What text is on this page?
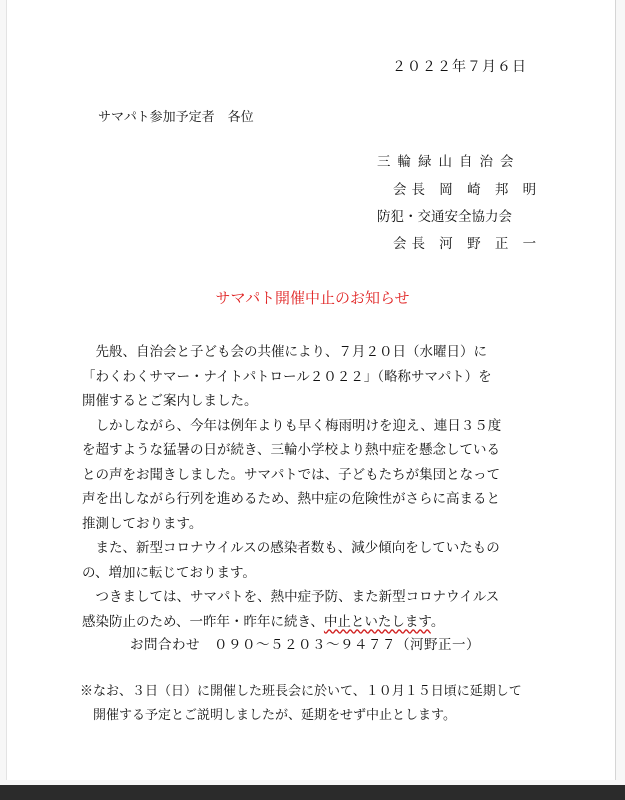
２０２２年７月６日
サマパト参加予定者　各位
三輪緑山自治会
会長 岡 崎 邦 明
防犯・交通安全協力会
会長 河 野 正 一
サマパト開催中止のお知らせ
　先般、自治会と子ども会の共催により、７月２０日（水曜日）に
「わくわくサマー・ナイトパトロール２０２２」（略称サマパト）を
開催するとご案内しました。
　しかしながら、今年は例年よりも早く梅雨明けを迎え、連日３５度
を超すような猛暑の日が続き、三輪小学校より熱中症を懸念している
との声をお聞きしました。サマパトでは、子どもたちが集団となって
声を出しながら行列を進めるため、熱中症の危険性がさらに高まると
推測しております。
　また、新型コロナウイルスの感染者数も、減少傾向をしていたもの
の、増加に転じております。
　つきましては、サマパトを、熱中症予防、また新型コロナウイルス
感染防止のため、一昨年・昨年に続き、中止といたします。
お問合わせ　０９０～５２０３～９４７７（河野正一）
※なお、３日（日）に開催した班長会に於いて、１０月１５日頃に延期して
　開催する予定とご説明しましたが、延期をせず中止とします。
